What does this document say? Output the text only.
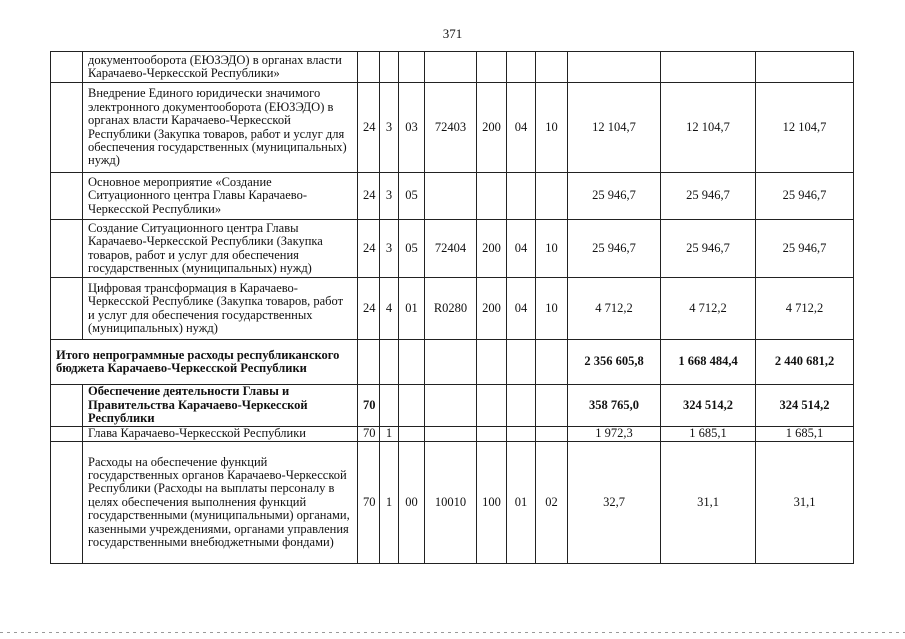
371
	документооборота (ЕЮЗЭДО) в органах власти Карачаево-Черкесской Республики»										
	Внедрение Единого юридически значимого электронного документооборота (ЕЮЗЭДО) в органах власти Карачаево-Черкесской Республики (Закупка товаров, работ и услуг для обеспечения государственных (муниципальных) нужд)	24	3	03	72403	200	04	10	12 104,7	12 104,7	12 104,7
	Основное мероприятие «Создание Ситуационного центра Главы Карачаево-Черкесской Республики»	24	3	05					25 946,7	25 946,7	25 946,7
	Создание Ситуационного центра Главы Карачаево-Черкесской Республики (Закупка товаров, работ и услуг для обеспечения государственных (муниципальных) нужд)	24	3	05	72404	200	04	10	25 946,7	25 946,7	25 946,7
	Цифровая трансформация в Карачаево-Черкесской Республике (Закупка товаров, работ и услуг для обеспечения государственных (муниципальных) нужд)	24	4	01	R0280	200	04	10	4 712,2	4 712,2	4 712,2
Итого непрограммные расходы республиканского бюджета Карачаево-Черкесской Республики									2 356 605,8	1 668 484,4	2 440 681,2
	Обеспечение деятельности Главы и Правительства Карачаево-Черкесской Республики	70							358 765,0	324 514,2	324 514,2
	Глава Карачаево-Черкесской Республики	70	1						1 972,3	1 685,1	1 685,1
	Расходы на обеспечение функций государственных органов Карачаево-Черкесской Республики (Расходы на выплаты персоналу в целях обеспечения выполнения функций государственными (муниципальными) органами, казенными учреждениями, органами управления государственными внебюджетными фондами)	70	1	00	10010	100	01	02	32,7	31,1	31,1
